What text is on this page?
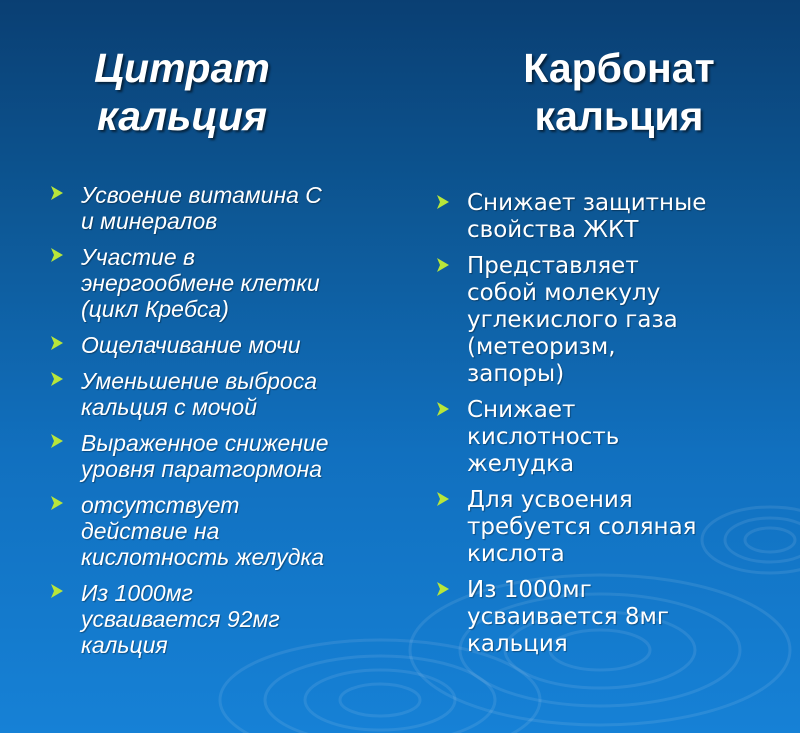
Цитрат
кальция
Усвоение витамина С
и минералов
Участие в
энергообмене клетки
(цикл Кребса)
Ощелачивание мочи
Уменьшение выброса
кальция с мочой
Выраженное снижение
уровня паратгормона
отсутствует
действие на
кислотность желудка
Из 1000мг
усваивается 92мг
кальция
Карбонат
кальция
Снижает защитные
свойства ЖКТ
Представляет
собой молекулу
углекислого газа
(метеоризм,
запоры)
Снижает
кислотность
желудка
Для усвоения
требуется соляная
кислота
Из 1000мг
усваивается 8мг
кальция
